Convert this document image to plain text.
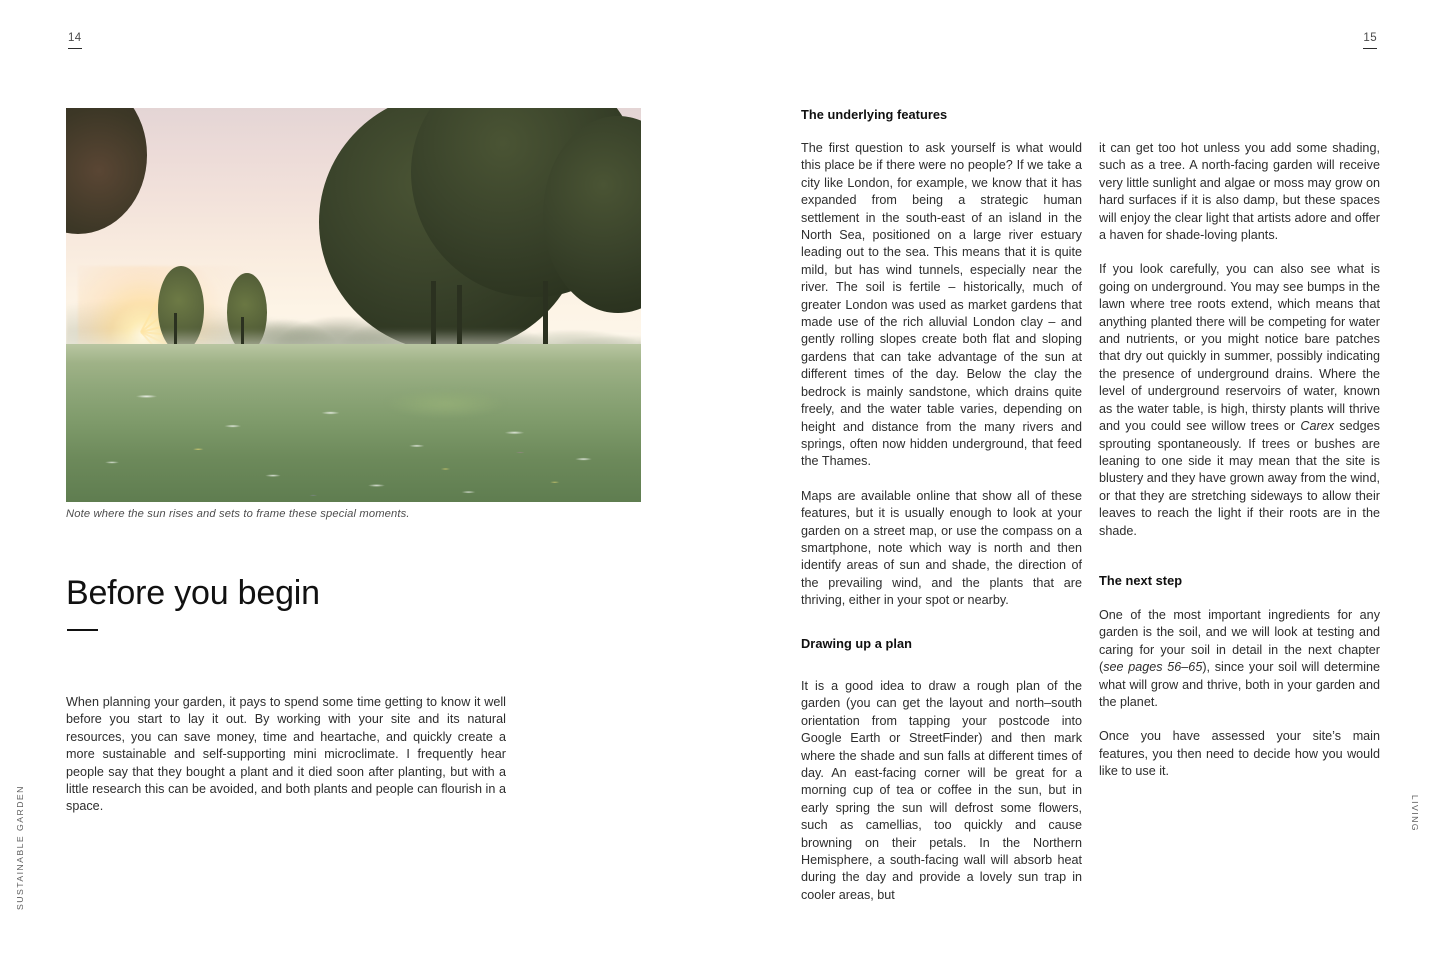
14	15
SUSTAINABLE GARDEN	LIVING
Note where the sun rises and sets to frame these special moments.
Before you begin

When planning your garden, it pays to spend some time getting to know it well before you start to lay it out. By working with your site and its natural resources, you can save money, time and heartache, and quickly create a more sustainable and self-supporting mini microclimate. I frequently hear people say that they bought a plant and it died soon after planting, but with a little research this can be avoided, and both plants and people can flourish in a space.

The underlying features

The first question to ask yourself is what would this place be if there were no people? If we take a city like London, for example, we know that it has expanded from being a strategic human settlement in the south-east of an island in the North Sea, positioned on a large river estuary leading out to the sea. This means that it is quite mild, but has wind tunnels, especially near the river. The soil is fertile – historically, much of greater London was used as market gardens that made use of the rich alluvial London clay – and gently rolling slopes create both flat and sloping gardens that can take advantage of the sun at different times of the day. Below the clay the bedrock is mainly sandstone, which drains quite freely, and the water table varies, depending on height and distance from the many rivers and springs, often now hidden underground, that feed the Thames.

Maps are available online that show all of these features, but it is usually enough to look at your garden on a street map, or use the compass on a smartphone, note which way is north and then identify areas of sun and shade, the direction of the prevailing wind, and the plants that are thriving, either in your spot or nearby.

Drawing up a plan

It is a good idea to draw a rough plan of the garden (you can get the layout and north–south orientation from tapping your postcode into Google Earth or StreetFinder) and then mark where the shade and sun falls at different times of day. An east-facing corner will be great for a morning cup of tea or coffee in the sun, but in early spring the sun will defrost some flowers, such as camellias, too quickly and cause browning on their petals. In the Northern Hemisphere, a south-facing wall will absorb heat during the day and provide a lovely sun trap in cooler areas, but

it can get too hot unless you add some shading, such as a tree. A north-facing garden will receive very little sunlight and algae or moss may grow on hard surfaces if it is also damp, but these spaces will enjoy the clear light that artists adore and offer a haven for shade-loving plants.

If you look carefully, you can also see what is going on underground. You may see bumps in the lawn where tree roots extend, which means that anything planted there will be competing for water and nutrients, or you might notice bare patches that dry out quickly in summer, possibly indicating the presence of underground drains. Where the level of underground reservoirs of water, known as the water table, is high, thirsty plants will thrive and you could see willow trees or Carex sedges sprouting spontaneously. If trees or bushes are leaning to one side it may mean that the site is blustery and they have grown away from the wind, or that they are stretching sideways to allow their leaves to reach the light if their roots are in the shade.

The next step

One of the most important ingredients for any garden is the soil, and we will look at testing and caring for your soil in detail in the next chapter (see pages 56–65), since your soil will determine what will grow and thrive, both in your garden and the planet.

Once you have assessed your site’s main features, you then need to decide how you would like to use it.
